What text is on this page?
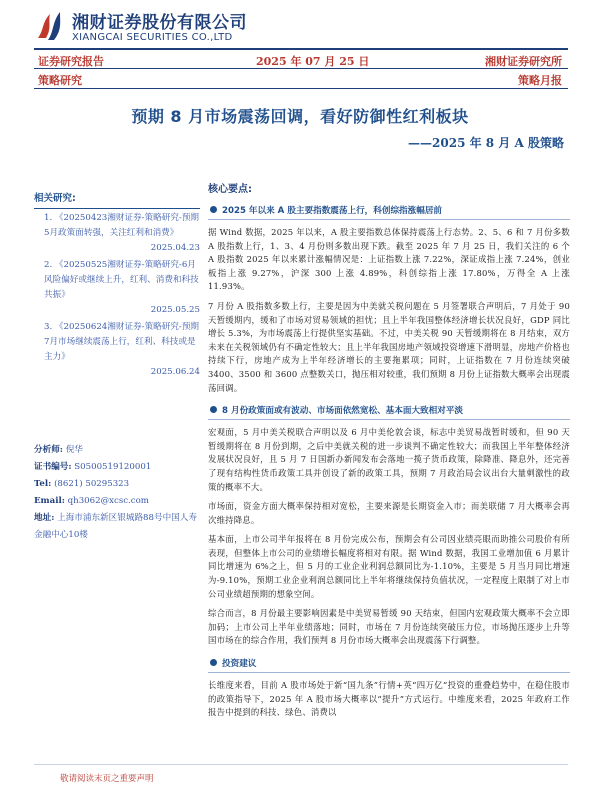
湘财证券股份有限公司
XIANGCAI SECURITIES CO.,LTD
证券研究报告	2025 年 07 月 25 日	湘财证券研究所
策略研究	策略月报
预期 8 月市场震荡回调，看好防御性红利板块
——2025 年 8 月 A 股策略
相关研究:
1. 《20250423湘财证券-策略研究-预期5月政策面转强，关注红利和消费》
2025.04.23
2. 《20250525湘财证券-策略研究-6月风险偏好或继续上升，红利、消费和科技共振》
2025.05.25
3. 《20250624湘财证券-策略研究-预期7月市场继续震荡上行，红利、科技或是主力》
2025.06.24
分析师: 倪华
证书编号: S0500519120001
Tel: (8621) 50295323
Email: qh3062@xcsc.com
地址: 上海市浦东新区银城路88号中国人寿金融中心10楼
核心要点:
2025 年以来 A 股主要指数震荡上行，科创综指涨幅居前

据 Wind 数据，2025 年以来，A 股主要指数总体保持震荡上行态势。2、5、6 和 7 月份多数 A 股指数上行，1、3、4 月份则多数出现下跌。截至 2025 年 7 月 25 日，我们关注的 6 个 A 股指数 2025 年以来累计涨幅情况是：上证指数上涨 7.22%，深证成指上涨 7.24%，创业板指上涨 9.27%，沪深 300 上涨 4.89%，科创综指上涨 17.80%，万得全 A 上涨 11.93%。

7 月份 A 股指数多数上行，主要是因为中美就关税问题在 5 月签署联合声明后，7 月处于 90 天暂缓期内，缓和了市场对贸易领域的担忧；且上半年我国整体经济增长状况良好，GDP 同比增长 5.3%，为市场震荡上行提供坚实基础。不过，中美关税 90 天暂缓期将在 8 月结束，双方未来在关税领域仍有不确定性较大；且上半年我国房地产领域投资增速下滑明显，房地产价格也持续下行，房地产成为上半年经济增长的主要拖累项；同时，上证指数在 7 月份连续突破 3400、3500 和 3600 点整数关口，抛压相对较重，我们预期 8 月份上证指数大概率会出现震荡回调。

8 月份政策面或有波动、市场面依然宽松、基本面大致相对平淡

宏观面，5 月中美关税联合声明以及 6 月中美伦敦会谈，标志中美贸易战暂时缓和，但 90 天暂缓期将在 8 月份到期，之后中美就关税的进一步谈判不确定性较大；而我国上半年整体经济发展状况良好，且 5 月 7 日国新办新闻发布会落地一揽子货币政策，除降准、降息外，还完善了现有结构性货币政策工具并创设了新的政策工具，预期 7 月政治局会议出台大量刺激性的政策的概率不大。

市场面，资金方面大概率保持相对宽松，主要来源是长期资金入市；而美联储 7 月大概率会再次维持降息。

基本面，上市公司半年报将在 8 月份完成公布，预期会有公司因业绩亮眼而助推公司股价有所表现，但整体上市公司的业绩增长幅度将相对有限。据 Wind 数据，我国工业增加值 6 月累计同比增速为 6%之上，但 5 月的工业企业利润总额同比为-1.10%，主要是 5 月当月同比增速为-9.10%，预期工业企业利润总额同比上半年将继续保持负值状况，一定程度上限制了对上市公司业绩超预期的想象空间。

综合而言，8 月份最主要影响因素是中美贸易暂缓 90 天结束，但国内宏观政策大概率不会立即加码；上市公司上半年业绩落地；同时，市场在 7 月份连续突破压力位，市场抛压逐步上升等国市场在的综合作用，我们预判 8 月份市场大概率会出现震荡下行调整。

投资建议

长维度来看，目前 A 股市场处于新“国九条”行情+英“四万亿”投资的重叠趋势中，在稳住股市的政策指导下，2025 年 A 股市场大概率以“提升”方式运行。中维度来看，2025 年政府工作报告中提到的科技、绿色、消费以

敬请阅读末页之重要声明
